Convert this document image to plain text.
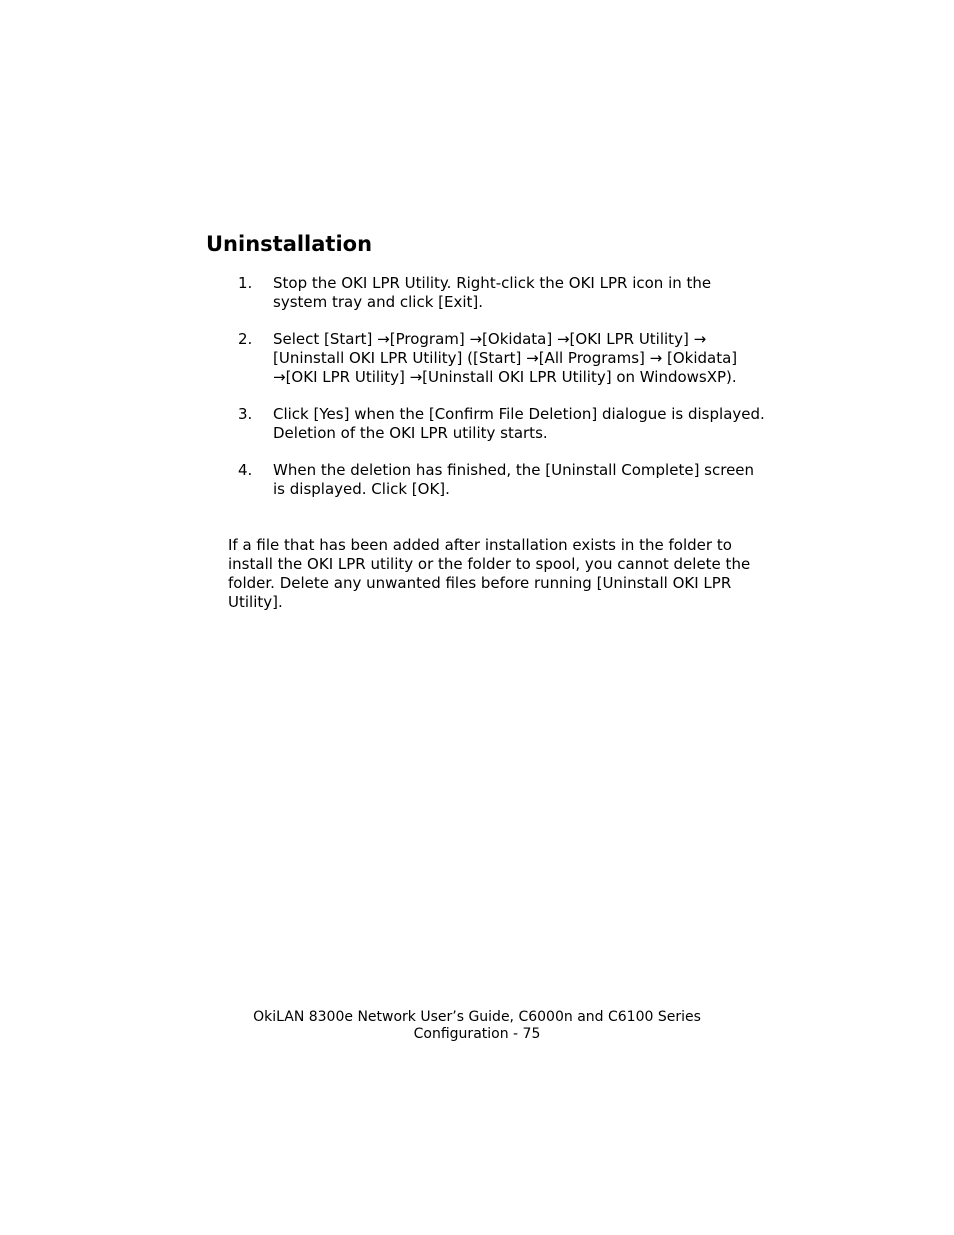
Uninstallation
1.	Stop the OKI LPR Utility. Right-click the OKI LPR icon in the system tray and click [Exit].
2.	Select [Start] →[Program] →[Okidata] →[OKI LPR Utility] → [Uninstall OKI LPR Utility] ([Start] →[All Programs] → [Okidata] →[OKI LPR Utility] →[Uninstall OKI LPR Utility] on WindowsXP).
3.	Click [Yes] when the [Confirm File Deletion] dialogue is displayed. Deletion of the OKI LPR utility starts.
4.	When the deletion has finished, the [Uninstall Complete] screen is displayed. Click [OK].

If a file that has been added after installation exists in the folder to install the OKI LPR utility or the folder to spool, you cannot delete the folder. Delete any unwanted files before running [Uninstall OKI LPR Utility].

OkiLAN 8300e Network User’s Guide, C6000n and C6100 Series
Configuration - 75
